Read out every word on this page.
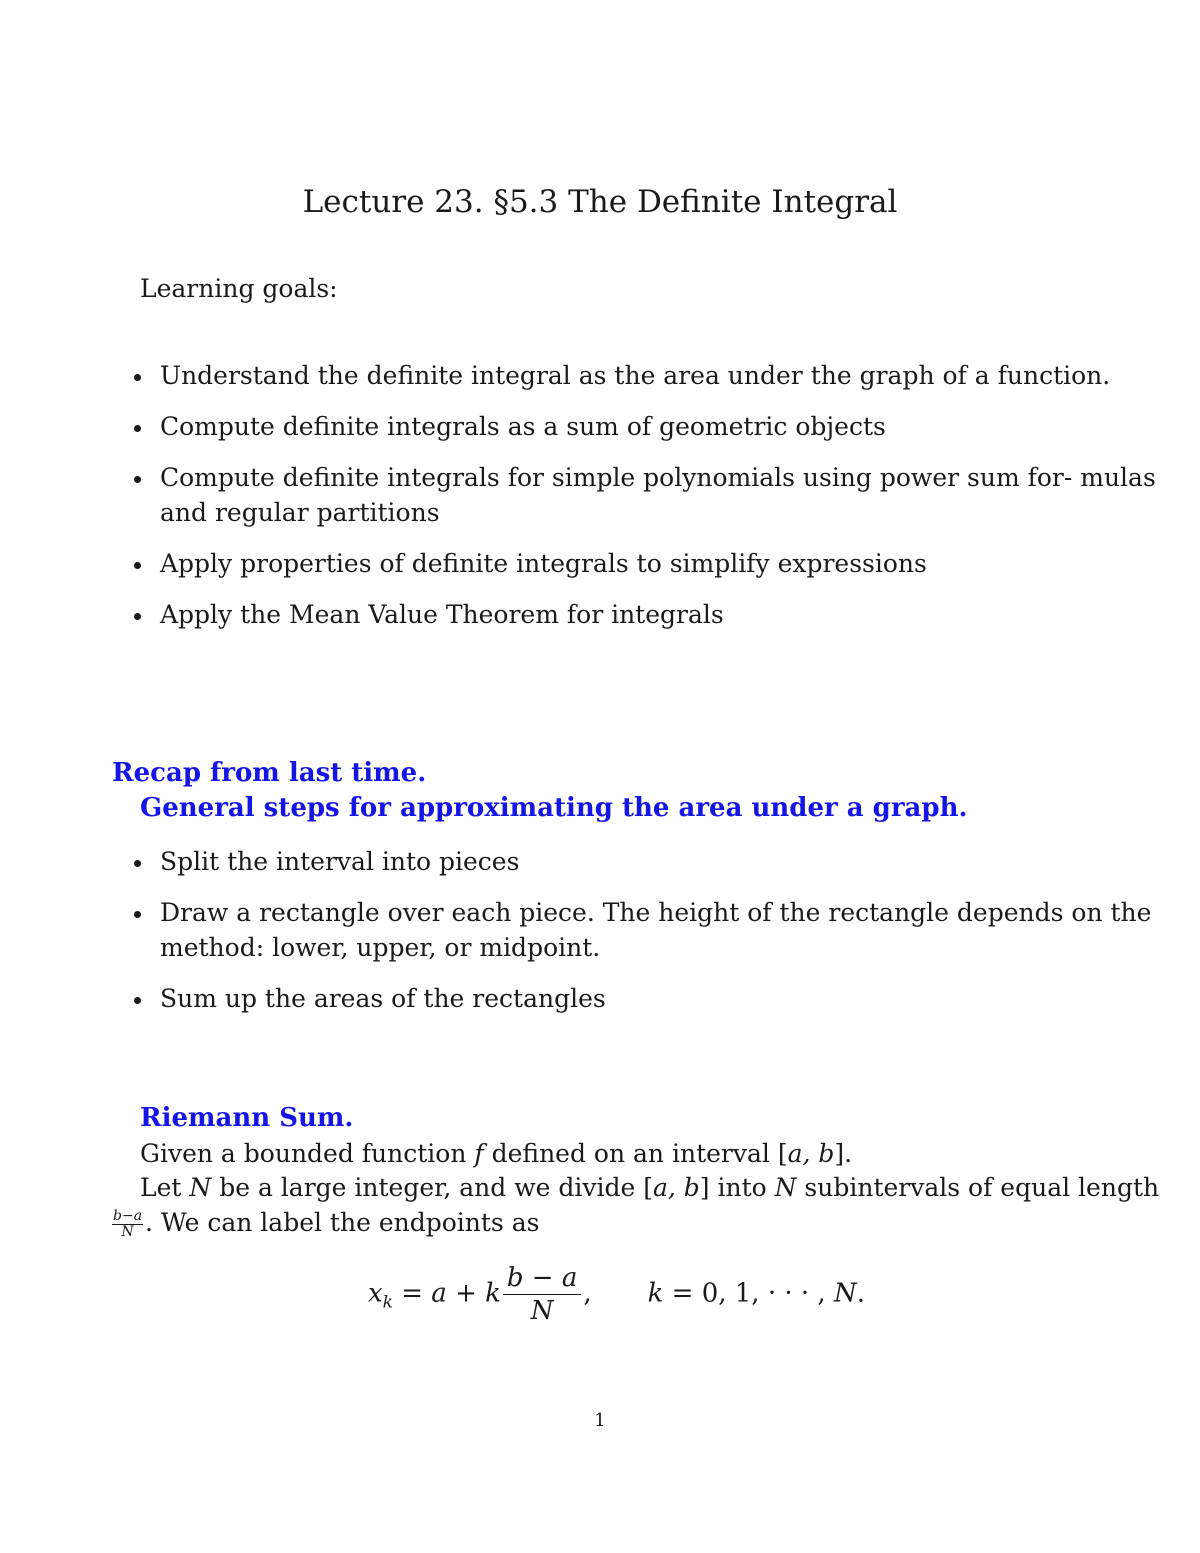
Lecture 23. §5.3 The Definite Integral
Learning goals:
Understand the definite integral as the area under the graph of a function.
Compute definite integrals as a sum of geometric objects
Compute definite integrals for simple polynomials using power sum for- mulas
and regular partitions
Apply properties of definite integrals to simplify expressions
Apply the Mean Value Theorem for integrals
Recap from last time.
General steps for approximating the area under a graph.
Split the interval into pieces
Draw a rectangle over each piece. The height of the rectangle depends on the
method: lower, upper, or midpoint.
Sum up the areas of the rectangles
Riemann Sum.
Given a bounded function f defined on an interval [a, b].
Let N be a large integer, and we divide [a, b] into N subintervals of equal length
$\frac{b-a}{N}$ . We can label the endpoints as
$x_k = a + k \frac{b - a}{N}$ , k = 0, 1, · · · , N.
1
